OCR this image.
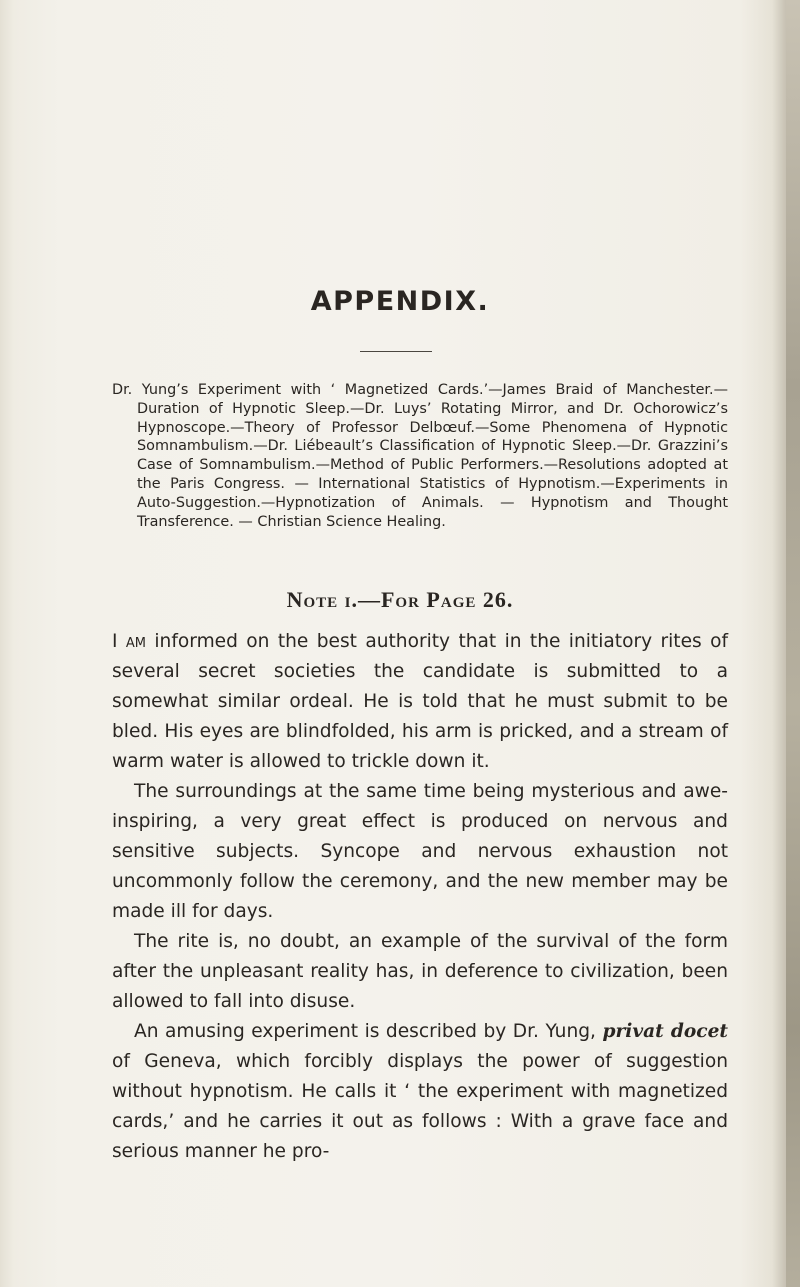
APPENDIX.

Dr. Yung’s Experiment with ‘ Magnetized Cards.’—James Braid of Manchester.—Duration of Hypnotic Sleep.—Dr. Luys’ Rotating Mirror, and Dr. Ochorowicz’s Hypnoscope.—Theory of Professor Delbœuf.—Some Phenomena of Hypnotic Somnambulism.—Dr. Liébeault’s Classification of Hypnotic Sleep.—Dr. Grazzini’s Case of Somnambulism.—Method of Public Performers.—Resolutions adopted at the Paris Congress. — International Statistics of Hypnotism.—Experiments in Auto-Suggestion.—Hypnotization of Animals. — Hypnotism and Thought Transference. — Christian Science Healing.

Note i.—For Page 26.

I am informed on the best authority that in the initiatory rites of several secret societies the candidate is submitted to a somewhat similar ordeal. He is told that he must submit to be bled. His eyes are blindfolded, his arm is pricked, and a stream of warm water is allowed to trickle down it.

The surroundings at the same time being mysterious and awe-inspiring, a very great effect is produced on nervous and sensitive subjects. Syncope and nervous exhaustion not uncommonly follow the ceremony, and the new member may be made ill for days.

The rite is, no doubt, an example of the survival of the form after the unpleasant reality has, in deference to civilization, been allowed to fall into disuse.

An amusing experiment is described by Dr. Yung, privat docet of Geneva, which forcibly displays the power of suggestion without hypnotism. He calls it ‘ the experiment with magnetized cards,’ and he carries it out as follows : With a grave face and serious manner he pro-
